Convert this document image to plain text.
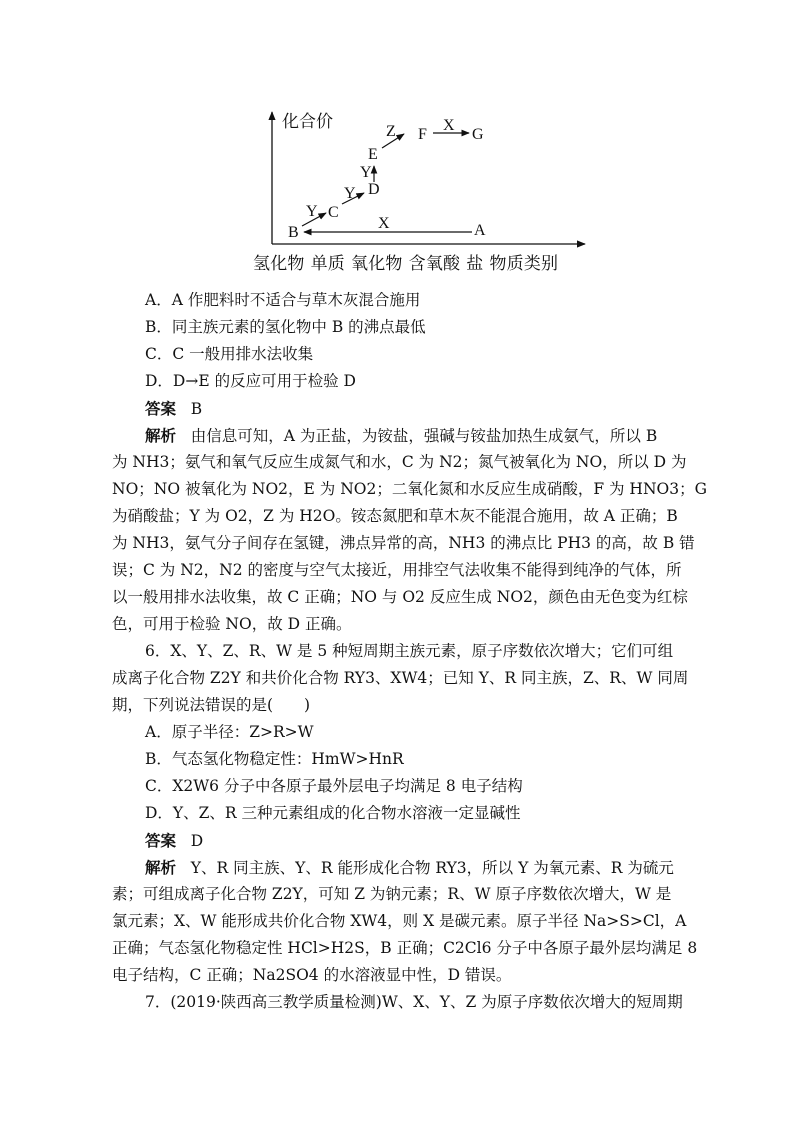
化合价
B
C
D
E
F	G
A
Y
Y
Y
Z	X
X
氢化物 单质 氧化物 含氧酸 盐 物质类别
A．A 作肥料时不适合与草木灰混合施用
B．同主族元素的氢化物中 B 的沸点最低
C．C 一般用排水法收集
D．D→E 的反应可用于检验 D
答案 B
解析 由信息可知，A 为正盐，为铵盐，强碱与铵盐加热生成氨气，所以 B
为 NH3；氨气和氧气反应生成氮气和水，C 为 N2；氮气被氧化为 NO，所以 D 为
NO；NO 被氧化为 NO2，E 为 NO2；二氧化氮和水反应生成硝酸，F 为 HNO3；G
为硝酸盐；Y 为 O2，Z 为 H2O。铵态氮肥和草木灰不能混合施用，故 A 正确；B
为 NH3，氨气分子间存在氢键，沸点异常的高，NH3 的沸点比 PH3 的高，故 B 错
误；C 为 N2，N2 的密度与空气太接近，用排空气法收集不能得到纯净的气体，所
以一般用排水法收集，故 C 正确；NO 与 O2 反应生成 NO2，颜色由无色变为红棕
色，可用于检验 NO，故 D 正确。
6．X、Y、Z、R、W 是 5 种短周期主族元素，原子序数依次增大；它们可组
成离子化合物 Z2Y 和共价化合物 RY3、XW4；已知 Y、R 同主族，Z、R、W 同周
期，下列说法错误的是(　　)
A．原子半径：Z>R>W
B．气态氢化物稳定性：HmW>HnR
C．X2W6 分子中各原子最外层电子均满足 8 电子结构
D．Y、Z、R 三种元素组成的化合物水溶液一定显碱性
答案 D
解析 Y、R 同主族、Y、R 能形成化合物 RY3，所以 Y 为氧元素、R 为硫元
素；可组成离子化合物 Z2Y，可知 Z 为钠元素；R、W 原子序数依次增大，W 是
氯元素；X、W 能形成共价化合物 XW4，则 X 是碳元素。原子半径 Na>S>Cl，A
正确；气态氢化物稳定性 HCl>H2S，B 正确；C2Cl6 分子中各原子最外层均满足 8
电子结构，C 正确；Na2SO4 的水溶液显中性，D 错误。
7．(2019·陕西高三教学质量检测)W、X、Y、Z 为原子序数依次增大的短周期
